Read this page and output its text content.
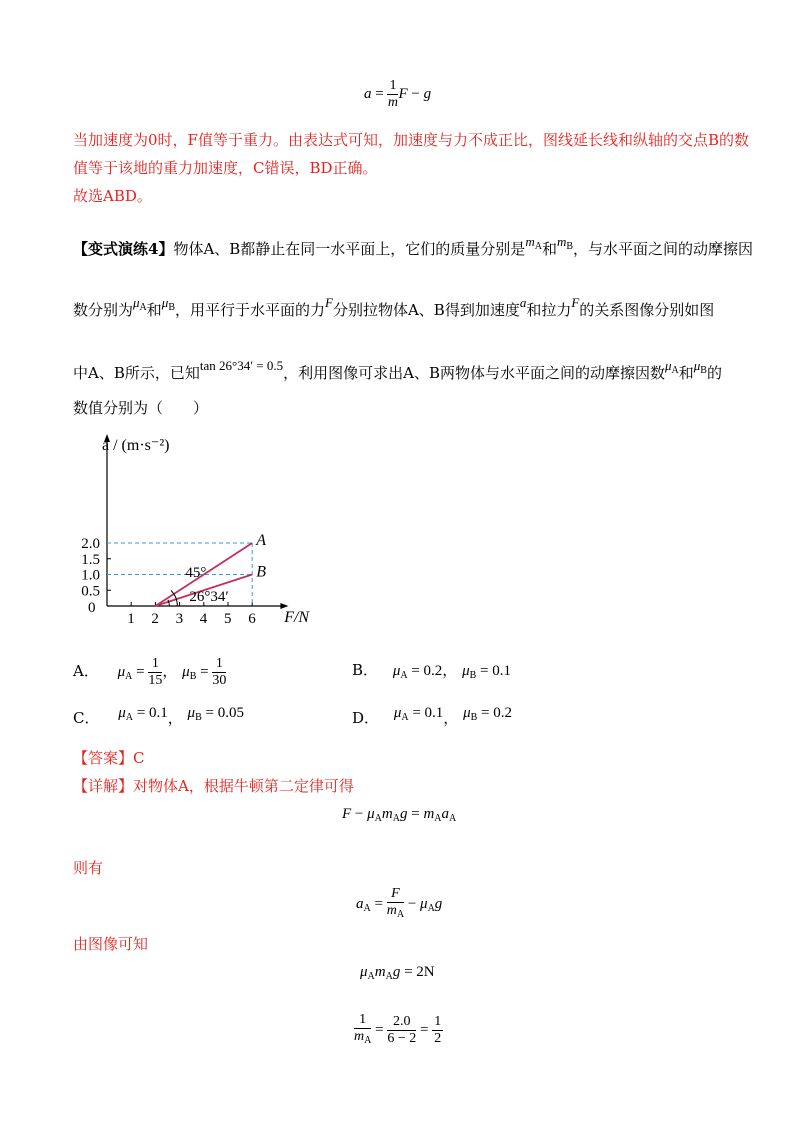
$a = \frac{1}{m}$ F − g
当加速度为0时，F值等于重力。由表达式可知，加速度与力不成正比，图线延长线和纵轴的交点B的数
值等于该地的重力加速度，C错误，BD正确。
故选ABD。
【变式演练4】物体A、B都静止在同一水平面上，它们的质量分别是$m_A$和$m_B$，与水平面之间的动摩擦因
数分别为$\mu_A$和$\mu_B$，用平行于水平面的力F分别拉物体A、B得到加速度a和拉力F的关系图像分别如图
中A、B所示，已知tan 26°34′ = 0.5，利用图像可求出A、B两物体与水平面之间的动摩擦因数$\mu_A$和$\mu_B$的
数值分别为（　　）
a / (m·s⁻²)
F/N
0
1 2 3 4 5 6
0.5
1.0
1.5
2.0	A
B
45°
26°34′
A． $\mu_A = \frac{1}{15}$ ， $\mu_B = \frac{1}{30}$	B． $\mu_A = 0.2$， $\mu_B = 0.1$
C． $\mu_A = 0.1$， $\mu_B = 0.05$	D． $\mu_A = 0.1$， $\mu_B = 0.2$
【答案】C
【详解】对物体A，根据牛顿第二定律可得
$F - \mu_Am_Ag = m_Aa_A$
则有
$a_A = \frac{F}{m_A} - \mu_Ag$
由图像可知
$\mu_Am_Ag = 2N$
$\frac{1}{m_A} = \frac{2.0}{6 - 2} = \frac{1}{2}$
